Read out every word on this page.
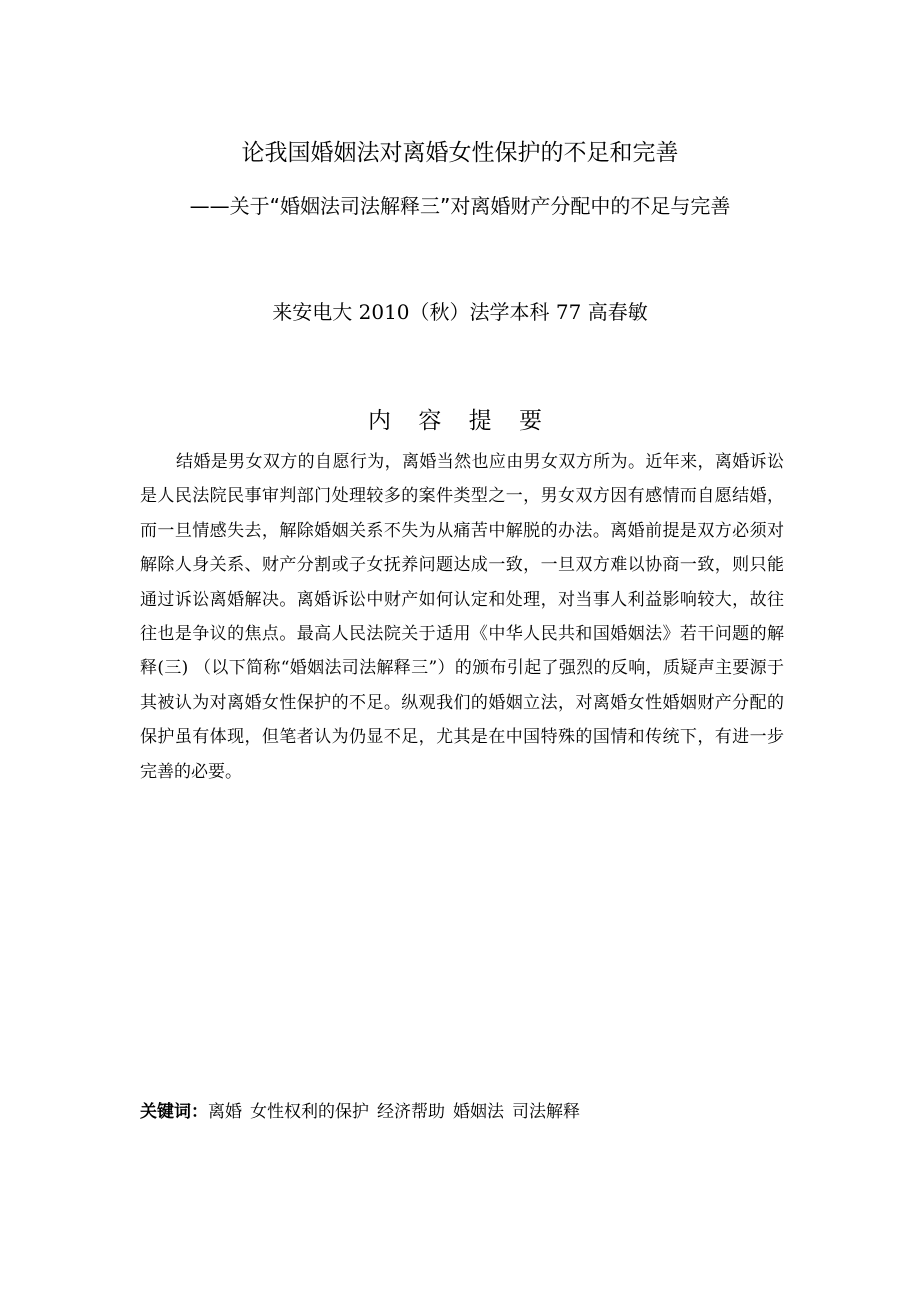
论我国婚姻法对离婚女性保护的不足和完善

——关于“婚姻法司法解释三”对离婚财产分配中的不足与完善

来安电大 2010（秋）法学本科 77 高春敏

内 容 提 要

结婚是男女双方的自愿行为，离婚当然也应由男女双方所为。近年来，离婚诉讼是人民法院民事审判部门处理较多的案件类型之一，男女双方因有感情而自愿结婚，而一旦情感失去，解除婚姻关系不失为从痛苦中解脱的办法。离婚前提是双方必须对解除人身关系、财产分割或子女抚养问题达成一致，一旦双方难以协商一致，则只能通过诉讼离婚解决。离婚诉讼中财产如何认定和处理，对当事人利益影响较大，故往往也是争议的焦点。最高人民法院关于适用《中华人民共和国婚姻法》若干问题的解释(三) （以下简称“婚姻法司法解释三”）的颁布引起了强烈的反响，质疑声主要源于其被认为对离婚女性保护的不足。纵观我们的婚姻立法，对离婚女性婚姻财产分配的保护虽有体现，但笔者认为仍显不足，尤其是在中国特殊的国情和传统下，有进一步完善的必要。

关键词：离婚 女性权利的保护 经济帮助 婚姻法 司法解释
